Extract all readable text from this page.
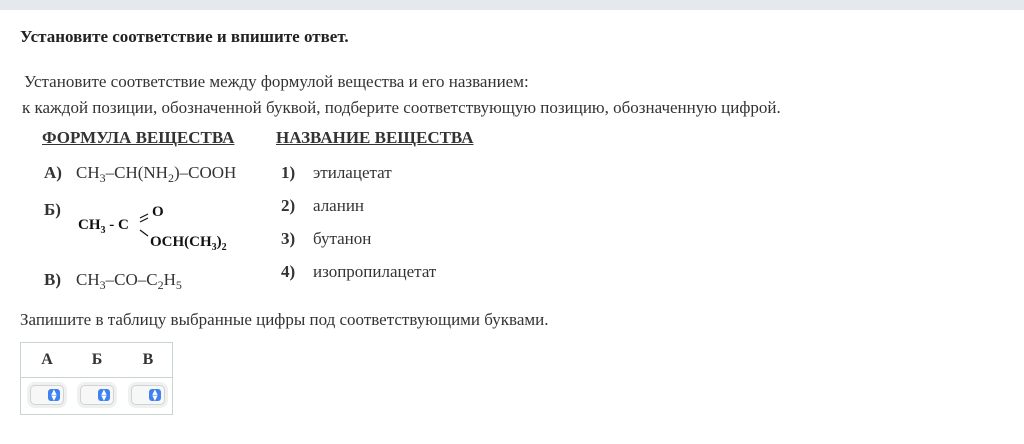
Установите соответствие и впишите ответ.
Установите соответствие между формулой вещества и его названием:
к каждой позиции, обозначенной буквой, подберите соответствующую позицию, обозначенную цифрой.
ФОРМУЛА ВЕЩЕСТВА НАЗВАНИЕ ВЕЩЕСТВА
А) $CH_3-CH(NH_2)$–COOH
Б)
$CH_3$ - C
O
$OCH(CH_3)_2$
В) $CH_3-CO-C_2H_5$
1) этилацетат
2) аланин
3) бутанон
4) изопропилацетат
Запишите в таблицу выбранные цифры под соответствующими буквами.
А Б	В
▲
▼
▲
▼
▲
▼
